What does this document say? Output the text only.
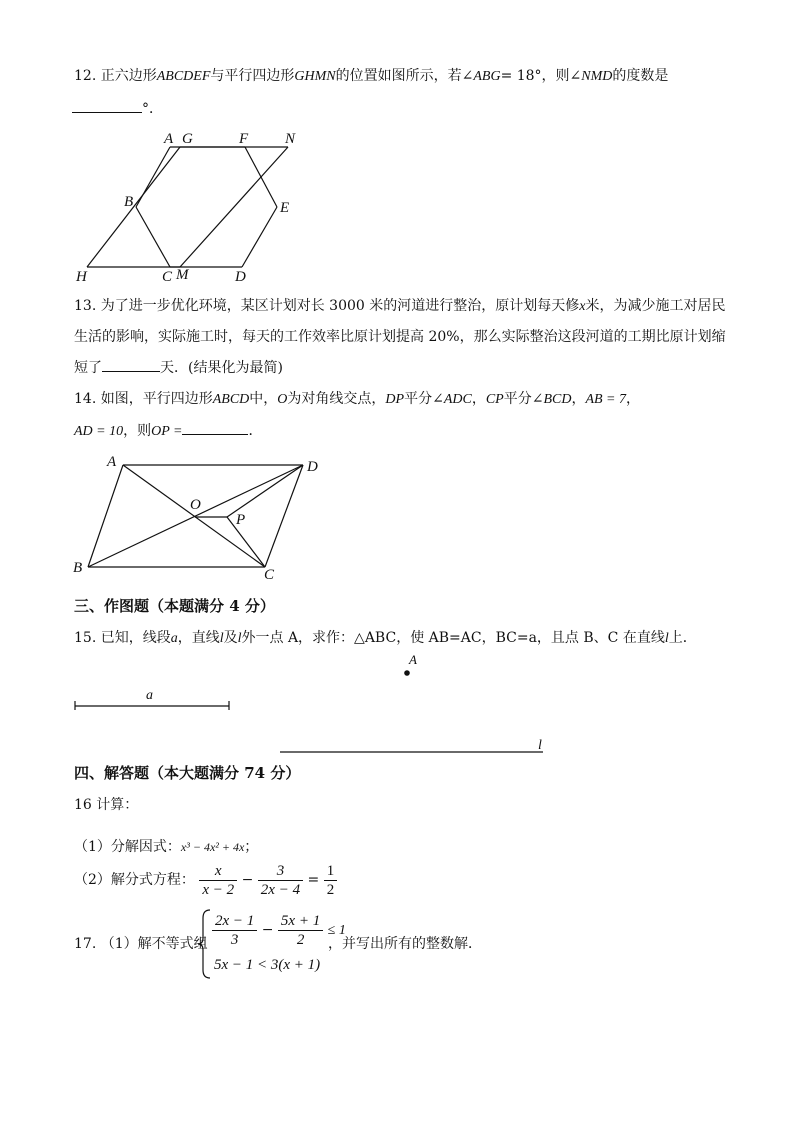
12. 正六边形ABCDEF与平行四边形GHMN的位置如图所示，若∠ABG= 18°，则∠NMD的度数是
°．
A G	F N
B	E
H	C M	D
13. 为了进一步优化环境，某区计划对长 3000 米的河道进行整治，原计划每天修x米，为减少施工对居民
生活的影响，实际施工时，每天的工作效率比原计划提高 20%，那么实际整治这段河道的工期比原计划缩
短了	天．(结果化为最简)
14. 如图，平行四边形ABCD中，O为对角线交点，DP平分∠ADC，CP平分∠BCD，AB = 7，
AD = 10，则OP =	．
A	D
O
P
B	C
三、作图题（本题满分 4 分）
15. 已知，线段a，直线l及l外一点 A，求作：△ABC，使 AB=AC，BC=a，且点 B、C 在直线l上．
A
a
l
四、解答题（本大题满分 74 分）
16 计算：
（1）分解因式：x³ − 4x² + 4x；
（2）解分式方程： $\frac{x}{x - 2} - \frac{3}{2x - 4} = \frac{1}{2}$
17. （1）解不等式组 $\frac{2x - 1}{3} - \frac{5x + 1}{2} \le 1$
5x − 1 < 3(x + 1)
，并写出所有的整数解．
